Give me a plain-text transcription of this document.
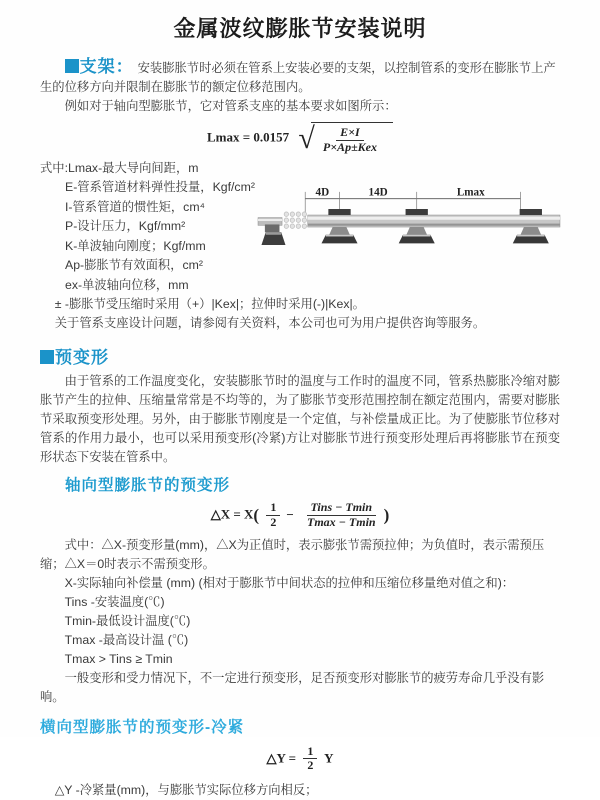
金属波纹膨胀节安装说明
支架： 安装膨胀节时必须在管系上安装必要的支架，以控制管系的变形在膨胀节上产生的位移方向并限制在膨胀节的额定位移范围内。
例如对于轴向型膨胀节，它对管系支座的基本要求如图所示：
Lmax = 0.0157 √ $\frac{E\times I}{\text{P×Ap±Kex}}$
式中:Lmax-最大导向间距，m
E-管系管道材料弹性投量，Kgf/cm²
I-管系管道的惯性矩，cm⁴
P-设计压力，Kgf/mm²
K-单波轴向刚度；Kgf/mm
Ap-膨胀节有效面积，cm²
ex-单波轴向位移，mm
4D	14D	Lmax
± -膨胀节受压缩时采用（+）|Kex|；拉伸时采用(-)|Kex|。
关于管系支座设计问题，请参阅有关资料，本公司也可为用户提供咨询等服务。
预变形
由于管系的工作温度变化，安装膨胀节时的温度与工作时的温度不同，管系热膨胀冷缩对膨胀节产生的拉伸、压缩量常常是不均等的，为了膨胀节变形范围控制在额定范围内，需要对膨胀节采取预变形处理。另外，由于膨胀节刚度是一个定值，与补偿量成正比。为了使膨胀节位移对管系的作用力最小，也可以采用预变形(冷紧)方让对膨胀节进行预变形处理后再将膨胀节在预变形状态下安装在管系中。
轴向型膨胀节的预变形
△X = $X( \frac{1}{2} - \frac{\text{Tins − Tmin}}{Tmax - Tmin}$ )
式中：△X-预变形量(mm)，△X为正值时，表示膨张节需预拉伸；为负值时，表示需预压缩；△X＝0时表示不需预变形。
X-实际轴向补偿量 (mm) (相对于膨胀节中间状态的拉伸和压缩位移量绝对值之和)：
Tins -安装温度(℃)
Tmin-最低设计温度(℃)
Tmax -最高设计温 (℃)
Tmax > Tins ≥ Tmin
一般变形和受力情况下，不一定进行预变形，足否预变形对膨胀节的疲劳寿命几乎没有影响。
横向型膨胀节的预变形-冷紧
△Y = $\frac{1}{2}$ Y
△Y -冷紧量(mm)，与膨胀节实际位移方向相反；
